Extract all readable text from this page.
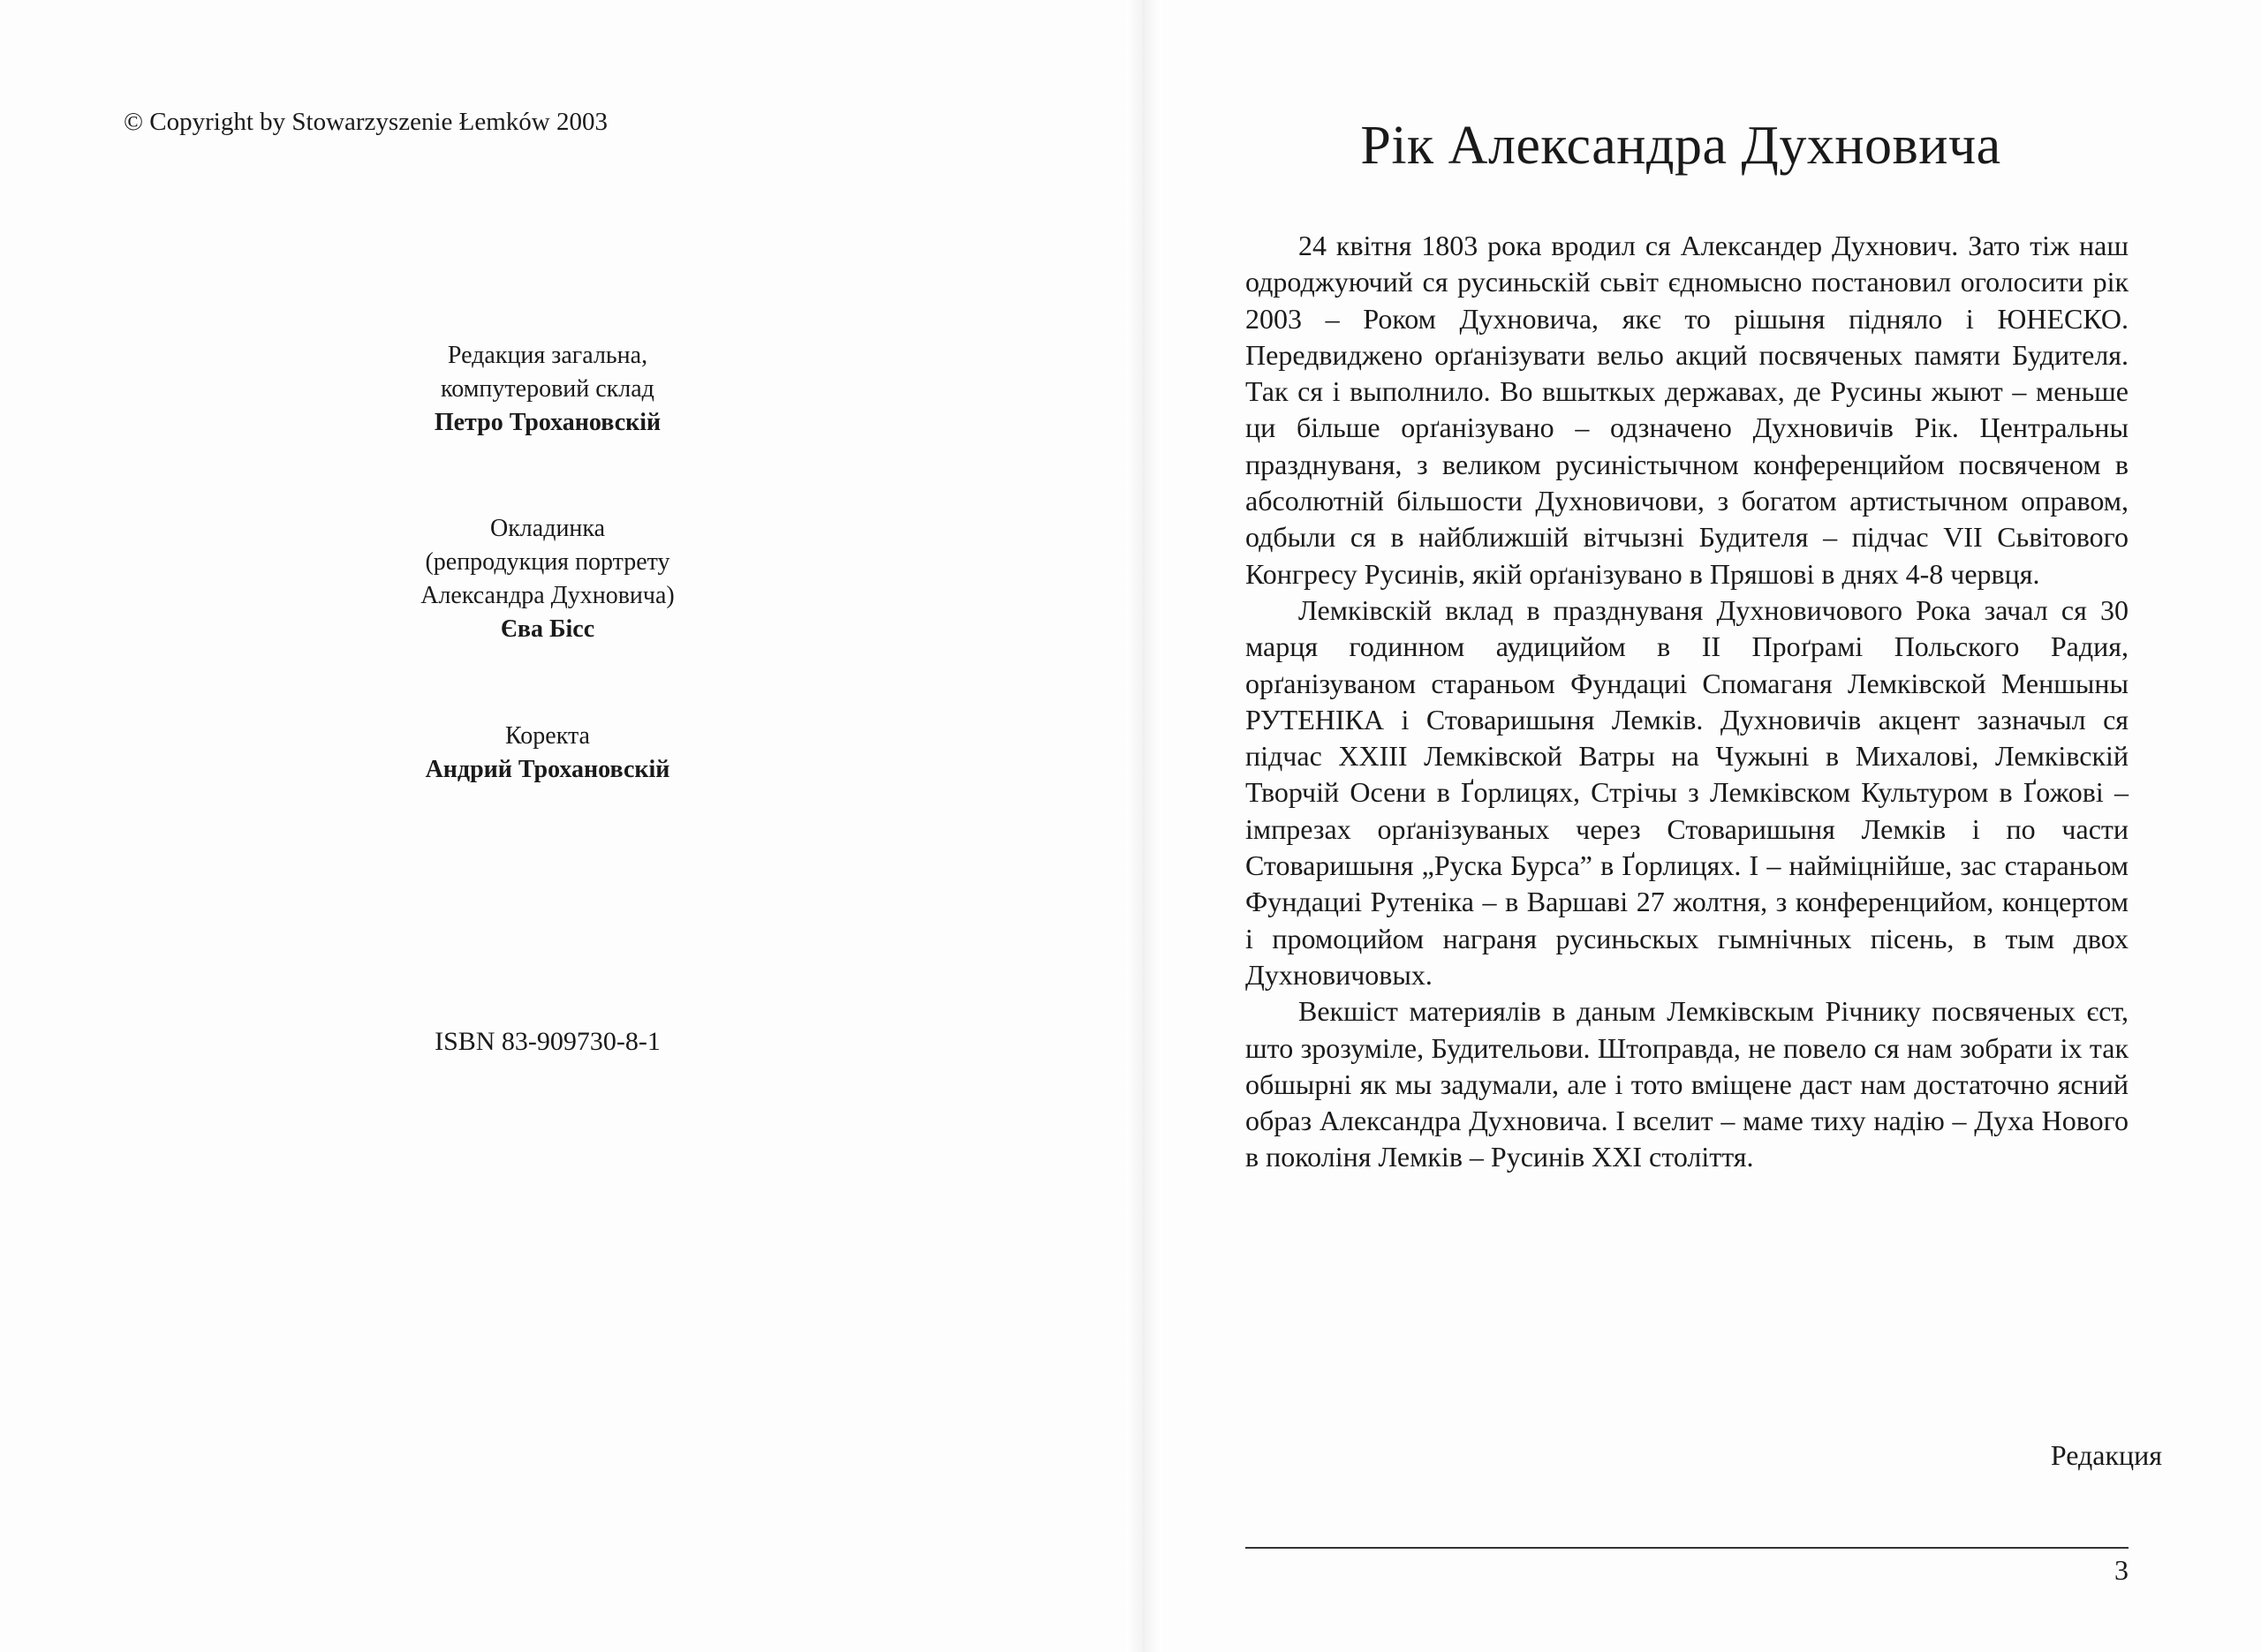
© Copyright by Stowarzyszenie Łemków 2003
Редакция загальна,
компутеровий склад
Петро Трохановскій
Окладинка
(репродукция портрету
Александра Духновича)
Єва Бісс
Коректа
Андрий Трохановскій
ISBN 83-909730-8-1
Рік Александра Духновича

24 квітня 1803 рока вродил ся Александер Духнович. Зато тіж наш одроджуючий ся русиньскій сьвіт єдномысно постановил оголосити рік 2003 – Роком Духновича, якє то рішыня підняло і ЮНЕСКО. Передвиджено орґанізувати вельо акций посвяченых памяти Будителя. Так ся і выполнило. Во вшыткых державах, де Русины жыют – меньше ци більше орґанізувано – одзначено Духновичів Рік. Центральны празднуваня, з великом русиністычном конференцийом посвяченом в абсолютній більшости Духновичови, з богатом артистычном оправом, одбыли ся в найближшій вітчызні Будителя – підчас VII Сьвітового Конгресу Русинів, якій орґанізувано в Пряшові в днях 4-8 червця.

Лемківскій вклад в празднуваня Духновичового Рока зачал ся 30 марця годинном аудицийом в II Проґрамі Польского Радия, орґанізуваном стараньом Фундациі Спомаганя Лемківской Меншыны РУТЕНІКА і Стоваришыня Лемків. Духновичів акцент зазначыл ся підчас XXIII Лемківской Ватры на Чужыні в Михалові, Лемківскій Творчій Осени в Ґорлицях, Стрічы з Лемківском Культуром в Ґожові – імпрезах орґанізуваных через Стоваришыня Лемків і по части Стоваришыня „Руска Бурса” в Ґорлицях. І – найміцнійше, зас стараньом Фундациі Рутеніка – в Варшаві 27 жолтня, з конференцийом, концертом і промоцийом награня русиньскых гымнічных пісень, в тым двох Духновичовых.

Векшіст материялів в даным Лемківскым Річнику посвяченых єст, што зрозуміле, Будительови. Штоправда, не повело ся нам зобрати іх так обшырні як мы задумали, але і тото вміщене даст нам достаточно ясний образ Александра Духновича. І вселит – маме тиху надію – Духа Нового в поколіня Лемків – Русинів XXI століття.

Редакция
3
